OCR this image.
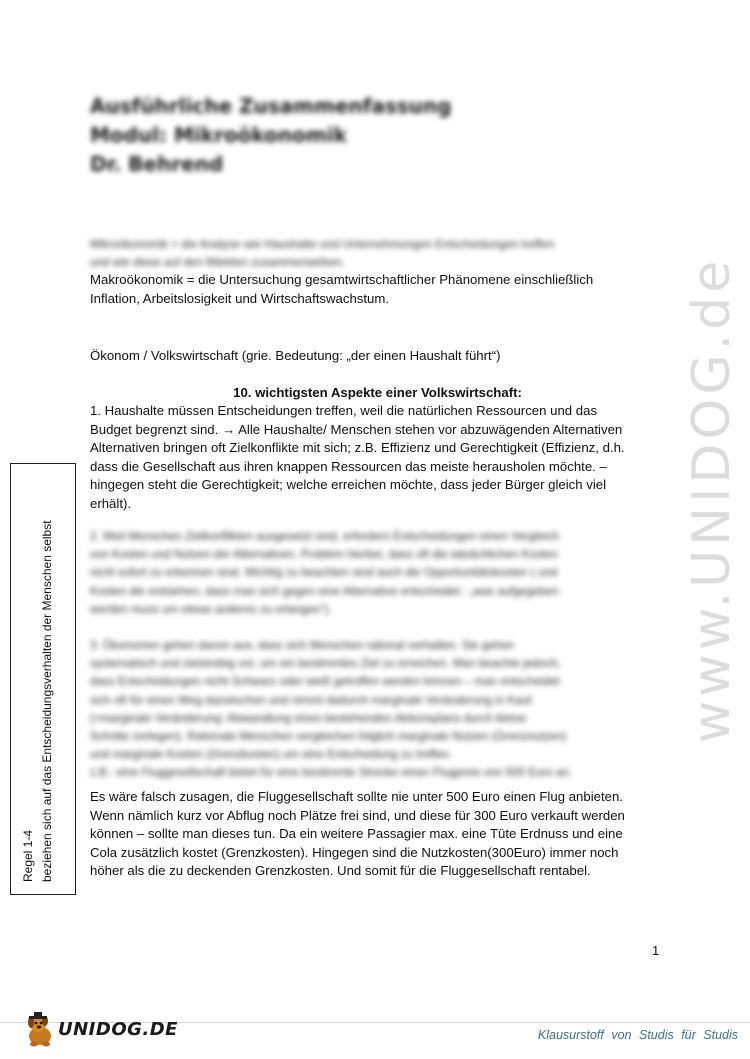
www.UNIDOG.de
Ausführliche Zusammenfassung
Modul: Mikroökonomik
Dr. Behrend
Mikroökonomik = die Analyse wie Haushalte und Unternehmungen Entscheidungen treffen
und wie diese auf den Märkten zusammenwirken.
Makroökonomik = die Untersuchung gesamtwirtschaftlicher Phänomene einschließlich
Inflation, Arbeitslosigkeit und Wirtschaftswachstum.
Ökonom / Volkswirtschaft (grie. Bedeutung: „der einen Haushalt führt“)
10. wichtigsten Aspekte einer Volkswirtschaft:
1. Haushalte müssen Entscheidungen treffen, weil die natürlichen Ressourcen und das
Budget begrenzt sind. → Alle Haushalte/ Menschen stehen vor abzuwägenden Alternativen
Alternativen bringen oft Zielkonflikte mit sich; z.B. Effizienz und Gerechtigkeit (Effizienz, d.h.
dass die Gesellschaft aus ihren knappen Ressourcen das meiste herausholen möchte. –
hingegen steht die Gerechtigkeit; welche erreichen möchte, dass jeder Bürger gleich viel
erhält).
2. Weil Menschen Zielkonflikten ausgesetzt sind, erfordern Entscheidungen einen Vergleich
von Kosten und Nutzen der Alternativen. Problem hierbei, dass oft die tatsächlichen Kosten
nicht sofort zu erkennen sind. Wichtig zu beachten sind auch die Opportunitätskosten ( und
Kosten die entstehen, dass man sich gegen eine Alternative entscheidet : „was aufgegeben
werden muss um etwas anderes zu erlangen“).
3. Ökonomen gehen davon aus, dass sich Menschen rational verhalten. Sie gehen
systematisch und zielstrebig vor, um ein bestimmtes Ziel zu erreichen. Man beachte jedoch,
dass Entscheidungen nicht Schwarz oder weiß getroffen werden können – man entscheidet
sich oft für einen Weg dazwischen und nimmt dadurch marginale Veränderung in Kauf.
(=marginale Veränderung: Abwandlung eines bestehenden Aktionsplans durch kleine
Schritte zerlegen). Rationale Menschen vergleichen folglich marginale Nutzen (Grenznutzen)
und marginale Kosten (Grenzkosten) um eine Entscheidung zu treffen.
z.B.: eine Fluggesellschaft bietet für eine bestimmte Strecke einen Flugpreis von 500 Euro an.
Es wäre falsch zusagen, die Fluggesellschaft sollte nie unter 500 Euro einen Flug anbieten.
Wenn nämlich kurz vor Abflug noch Plätze frei sind, und diese für 300 Euro verkauft werden
können – sollte man dieses tun. Da ein weitere Passagier max. eine Tüte Erdnuss und eine
Cola zusätzlich kostet (Grenzkosten). Hingegen sind die Nutzkosten(300Euro) immer noch
höher als die zu deckenden Grenzkosten. Und somit für die Fluggesellschaft rentabel.
Regel 1-4 beziehen sich auf das Entscheidungsverhalten der Menschen selbst
1
UNIDOG.DE	Klausurstoff von Studis für Studis
